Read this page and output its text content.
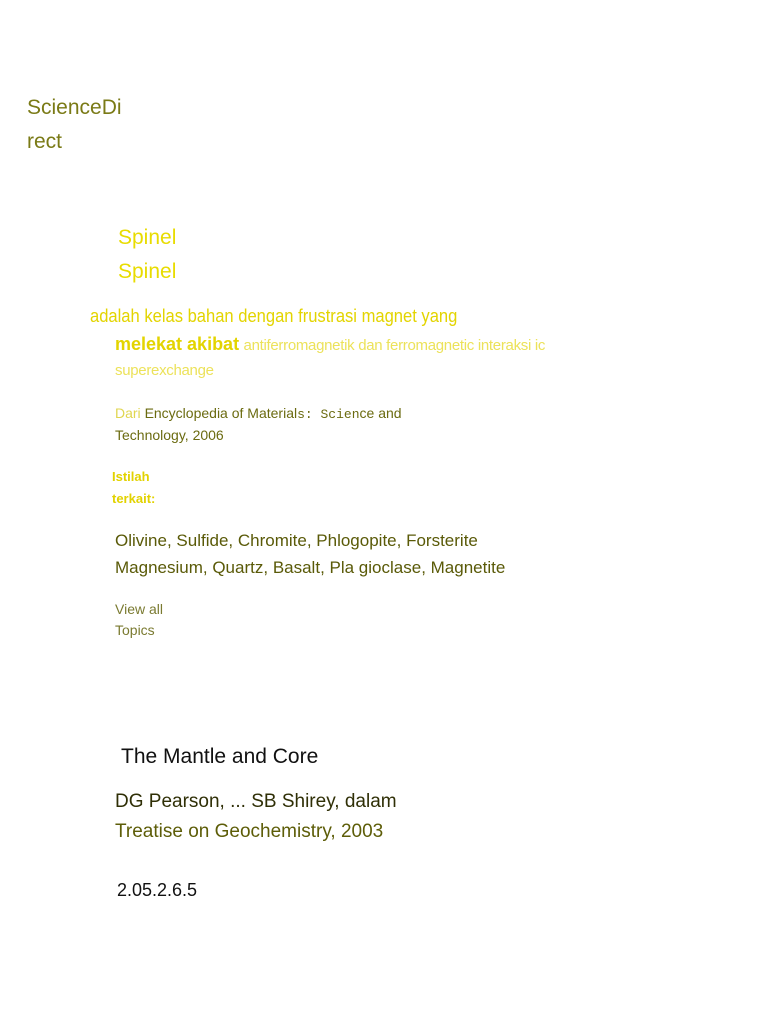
ScienceDi
rect
Spinel
Spinel
adalah kelas bahan dengan frustrasi magnet yang
melekat akibat antiferromagnetik dan ferromagnetic interaksi ic
superexchange
Dari Encyclopedia of Materials: Science and
Technology, 2006
Istilah
terkait:
Olivine, Sulfide, Chromite, Phlogopite, Forsterite
Magnesium, Quartz, Basalt, Pla gioclase, Magnetite
View all
Topics
The Mantle and Core
DG Pearson, ... SB Shirey, dalam
Treatise on Geochemistry, 2003
2.05.2.6.5
